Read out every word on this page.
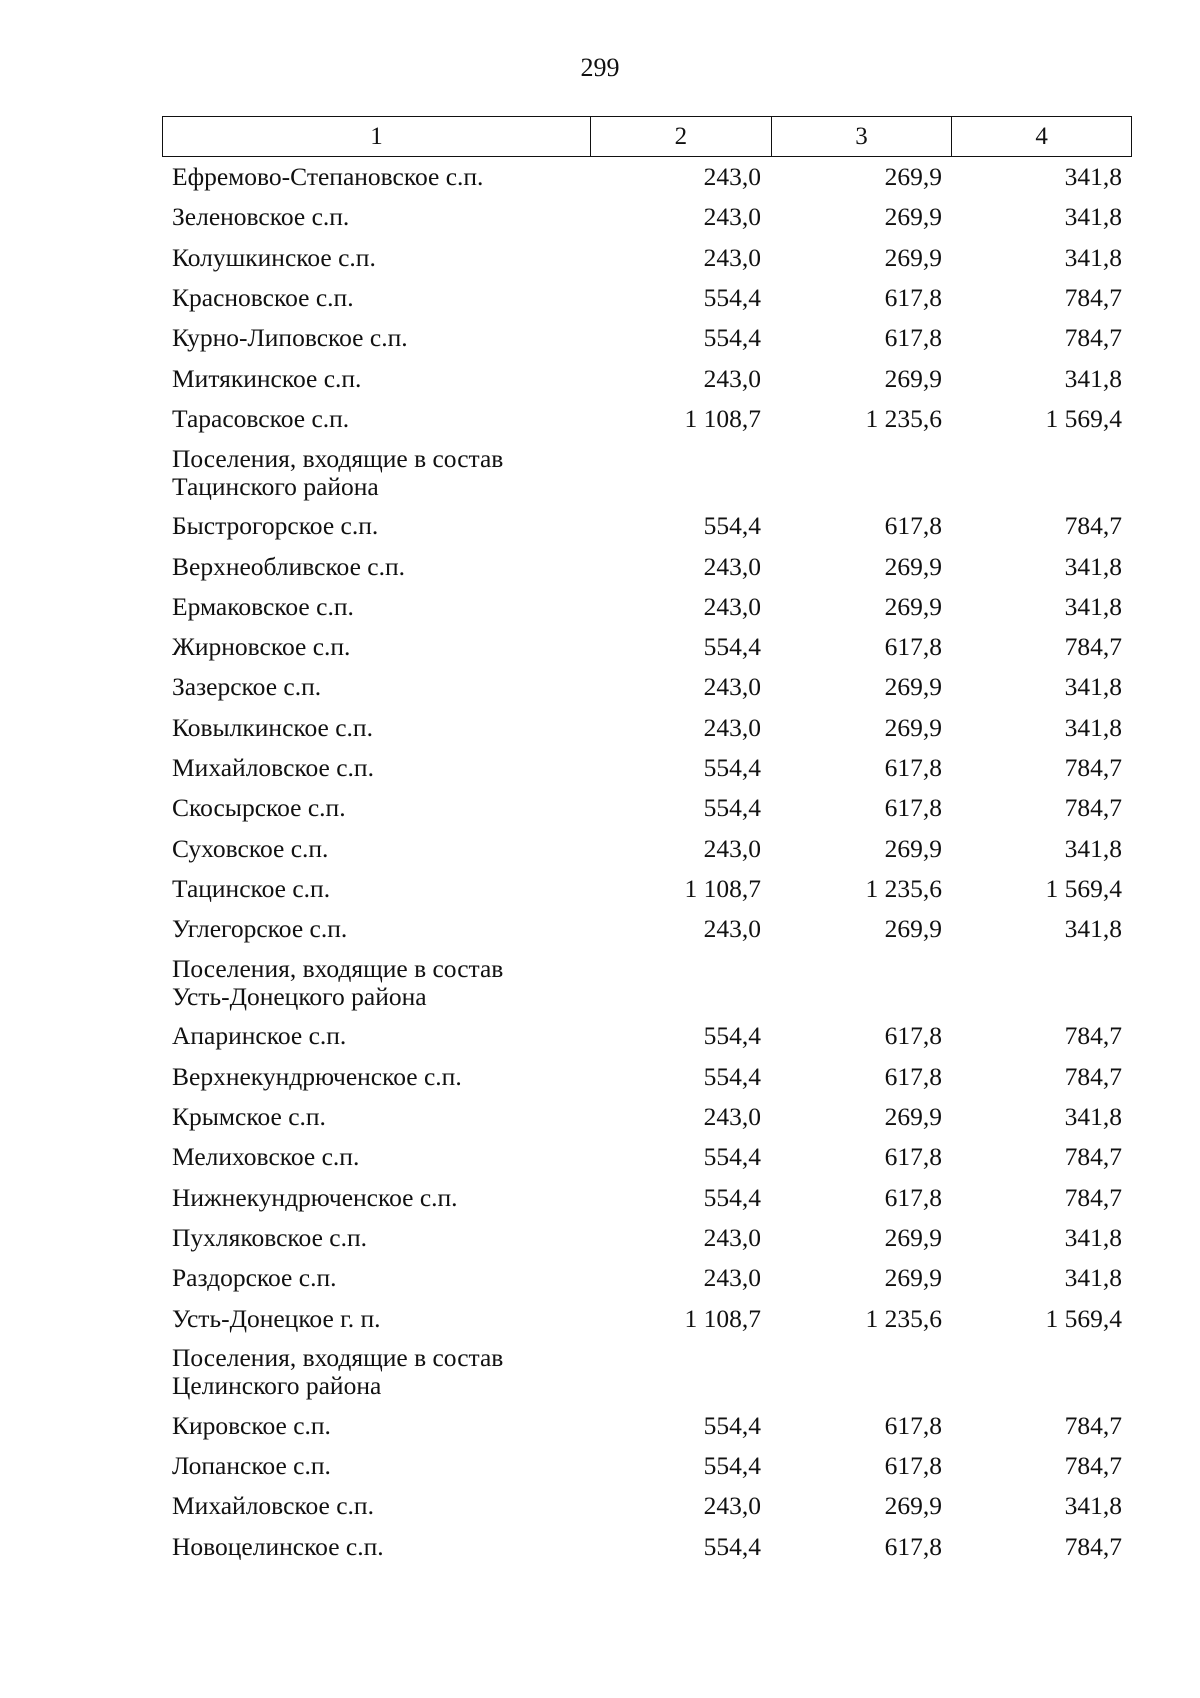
299
1	2	3	4
Ефремово-Степановское с.п.	243,0	269,9	341,8
Зеленовское с.п.	243,0	269,9	341,8
Колушкинское с.п.	243,0	269,9	341,8
Красновское с.п.	554,4	617,8	784,7
Курно-Липовское с.п.	554,4	617,8	784,7
Митякинское с.п.	243,0	269,9	341,8
Тарасовское с.п.	1 108,7	1 235,6	1 569,4
Поселения, входящие в состав
Тацинского района
Быстрогорское с.п.	554,4	617,8	784,7
Верхнеобливское с.п.	243,0	269,9	341,8
Ермаковское с.п.	243,0	269,9	341,8
Жирновское с.п.	554,4	617,8	784,7
Зазерское с.п.	243,0	269,9	341,8
Ковылкинское с.п.	243,0	269,9	341,8
Михайловское с.п.	554,4	617,8	784,7
Скосырское с.п.	554,4	617,8	784,7
Суховское с.п.	243,0	269,9	341,8
Тацинское с.п.	1 108,7	1 235,6	1 569,4
Углегорское с.п.	243,0	269,9	341,8
Поселения, входящие в состав
Усть-Донецкого района
Апаринское с.п.	554,4	617,8	784,7
Верхнекундрюченское с.п.	554,4	617,8	784,7
Крымское с.п.	243,0	269,9	341,8
Мелиховское с.п.	554,4	617,8	784,7
Нижнекундрюченское с.п.	554,4	617,8	784,7
Пухляковское с.п.	243,0	269,9	341,8
Раздорское с.п.	243,0	269,9	341,8
Усть-Донецкое г. п.	1 108,7	1 235,6	1 569,4
Поселения, входящие в состав
Целинского района
Кировское с.п.	554,4	617,8	784,7
Лопанское с.п.	554,4	617,8	784,7
Михайловское с.п.	243,0	269,9	341,8
Новоцелинское с.п.	554,4	617,8	784,7
